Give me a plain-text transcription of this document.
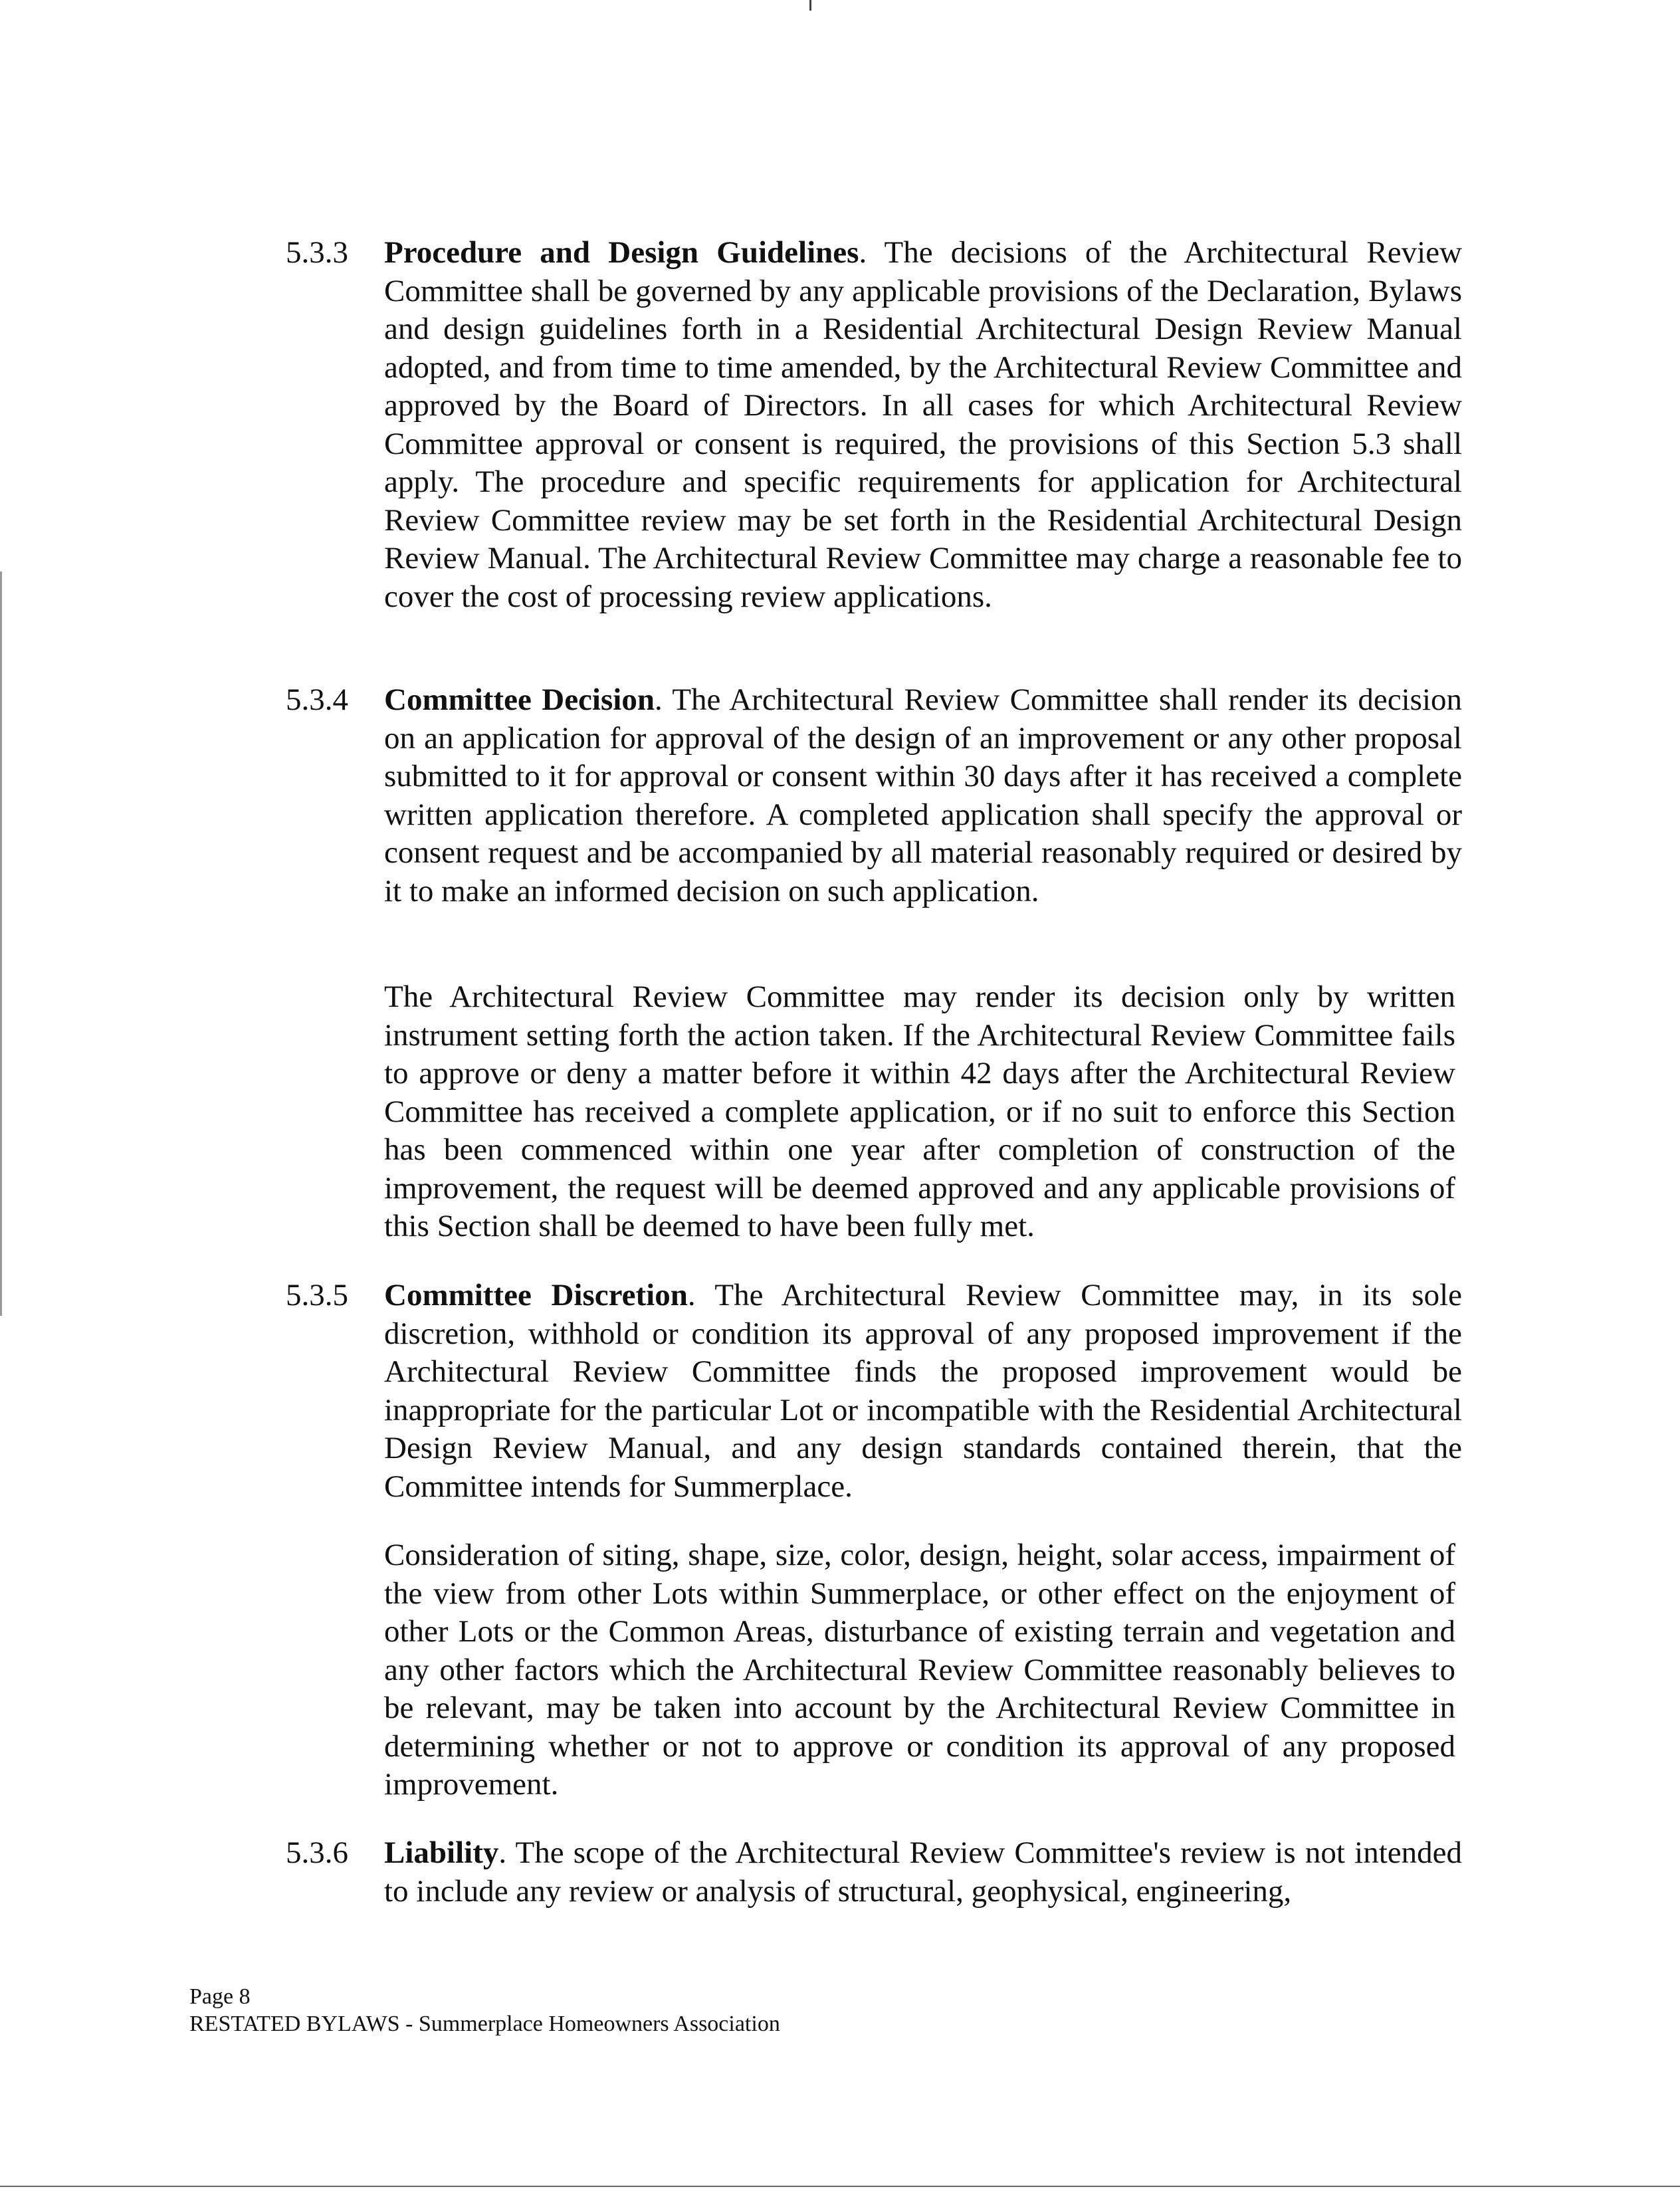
5.3.3	Procedure and Design Guidelines. The decisions of the Architectural Review Committee shall be governed by any applicable provisions of the Declaration, Bylaws and design guidelines forth in a Residential Architectural Design Review Manual adopted, and from time to time amended, by the Architectural Review Committee and approved by the Board of Directors. In all cases for which Architectural Review Committee approval or consent is required, the provisions of this Section 5.3 shall apply. The procedure and specific requirements for application for Architectural Review Committee review may be set forth in the Residential Architectural Design Review Manual. The Architectural Review Committee may charge a reasonable fee to cover the cost of processing review applications.
5.3.4	Committee Decision. The Architectural Review Committee shall render its decision on an application for approval of the design of an improvement or any other proposal submitted to it for approval or consent within 30 days after it has received a complete written application therefore. A completed application shall specify the approval or consent request and be accompanied by all material reasonably required or desired by it to make an informed decision on such application.
The Architectural Review Committee may render its decision only by written instrument setting forth the action taken. If the Architectural Review Committee fails to approve or deny a matter before it within 42 days after the Architectural Review Committee has received a complete application, or if no suit to enforce this Section has been commenced within one year after completion of construction of the improvement, the request will be deemed approved and any applicable provisions of this Section shall be deemed to have been fully met.
5.3.5	Committee Discretion. The Architectural Review Committee may, in its sole discretion, withhold or condition its approval of any proposed improvement if the Architectural Review Committee finds the proposed improvement would be inappropriate for the particular Lot or incompatible with the Residential Architectural Design Review Manual, and any design standards contained therein, that the Committee intends for Summerplace.
Consideration of siting, shape, size, color, design, height, solar access, impairment of the view from other Lots within Summerplace, or other effect on the enjoyment of other Lots or the Common Areas, disturbance of existing terrain and vegetation and any other factors which the Architectural Review Committee reasonably believes to be relevant, may be taken into account by the Architectural Review Committee in determining whether or not to approve or condition its approval of any proposed improvement.
5.3.6	Liability. The scope of the Architectural Review Committee's review is not intended to include any review or analysis of structural, geophysical, engineering,
Page 8
RESTATED BYLAWS - Summerplace Homeowners Association
